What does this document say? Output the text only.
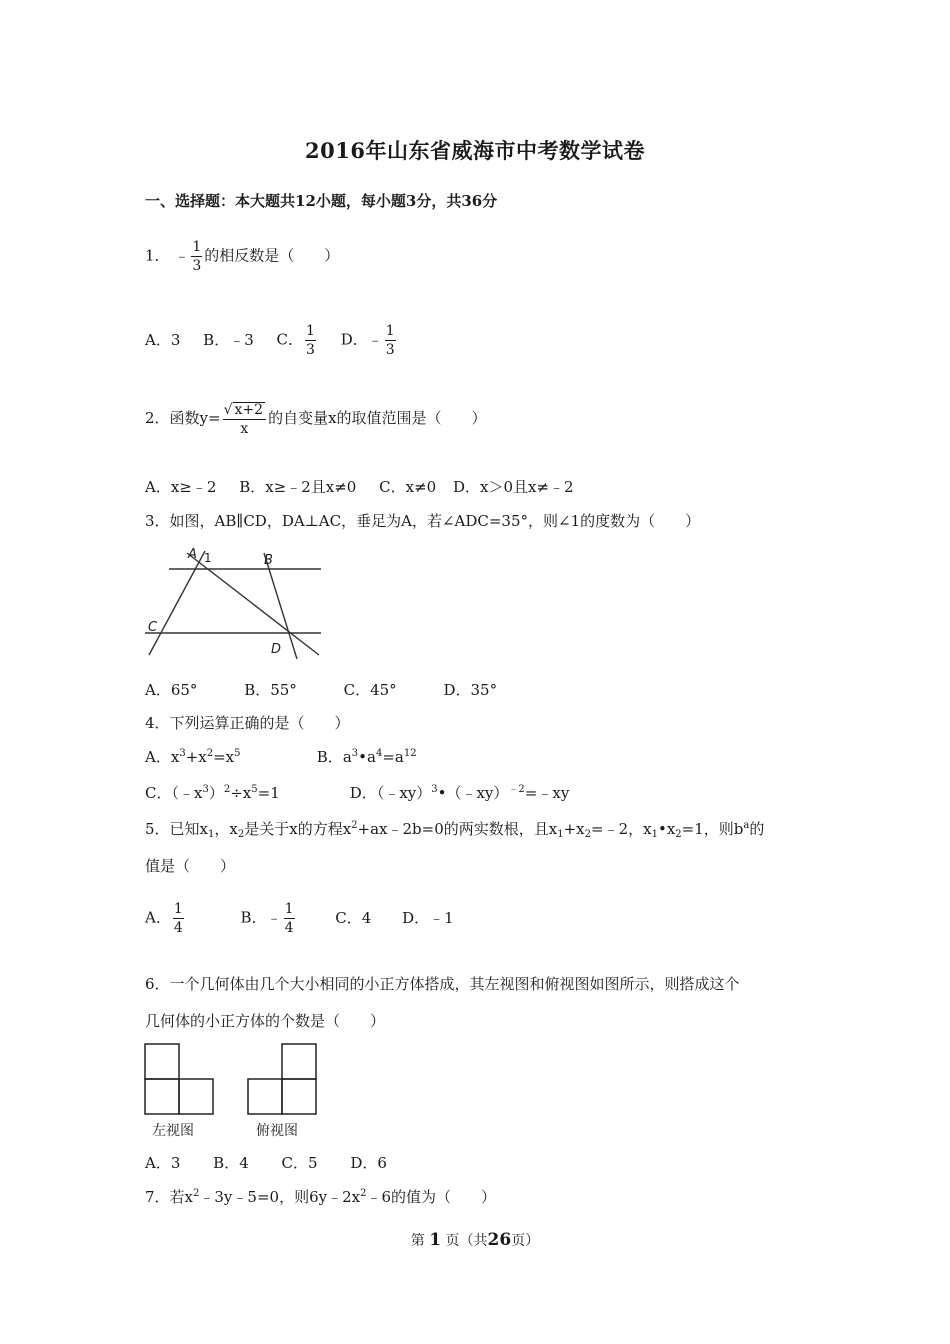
2016年山东省威海市中考数学试卷
一、选择题：本大题共12小题，每小题3分，共36分
1． ﹣ $\frac{1}{3}$ 的相反数是（　　）
A．3 B．﹣3 C． $\frac{1}{3}$ D．﹣ $\frac{1}{3}$
2．函数$y= \frac{√ x+2}{x}$ 的自变量x的取值范围是（　　）
A．x≥﹣2 B．x≥﹣2且x≠0 C．x≠0 D．x＞0且x≠﹣2
3．如图，AB∥CD，DA⊥AC，垂足为A，若∠ADC=35°，则∠1的度数为（　　）
A 1	B
C
D
A．65°	B．55°	C．45°	D．35°
4．下列运算正确的是（　　）
A．$x^3+x^2=x^5$	B．$a^3•a^4=a^{12}$
C．$(﹣x^3)^2\div x^5=1$	D．（﹣xy）$^3$•（﹣xy）$^{﹣2}$=﹣xy
5．已知$x_1$，$x_2$是关于x的方程$x^2+ax﹣2b=0$的两实数根，且$x_1+x_2=﹣2$，$x_1•x_2=1$，则$b^a$的
值是（　　）
A． $\frac{1}{4}$	B．﹣ $\frac{1}{4}$	C．4 D．﹣1
6．一个几何体由几个大小相同的小正方体搭成，其左视图和俯视图如图所示，则搭成这个
几何体的小正方体的个数是（　　）
左视图	俯视图
A．3 B．4 C．5 D．6
7．若$x^2﹣3y﹣5=0$，则$6y﹣2x^2﹣6$的值为（　　）
第 1 页（共26页）
